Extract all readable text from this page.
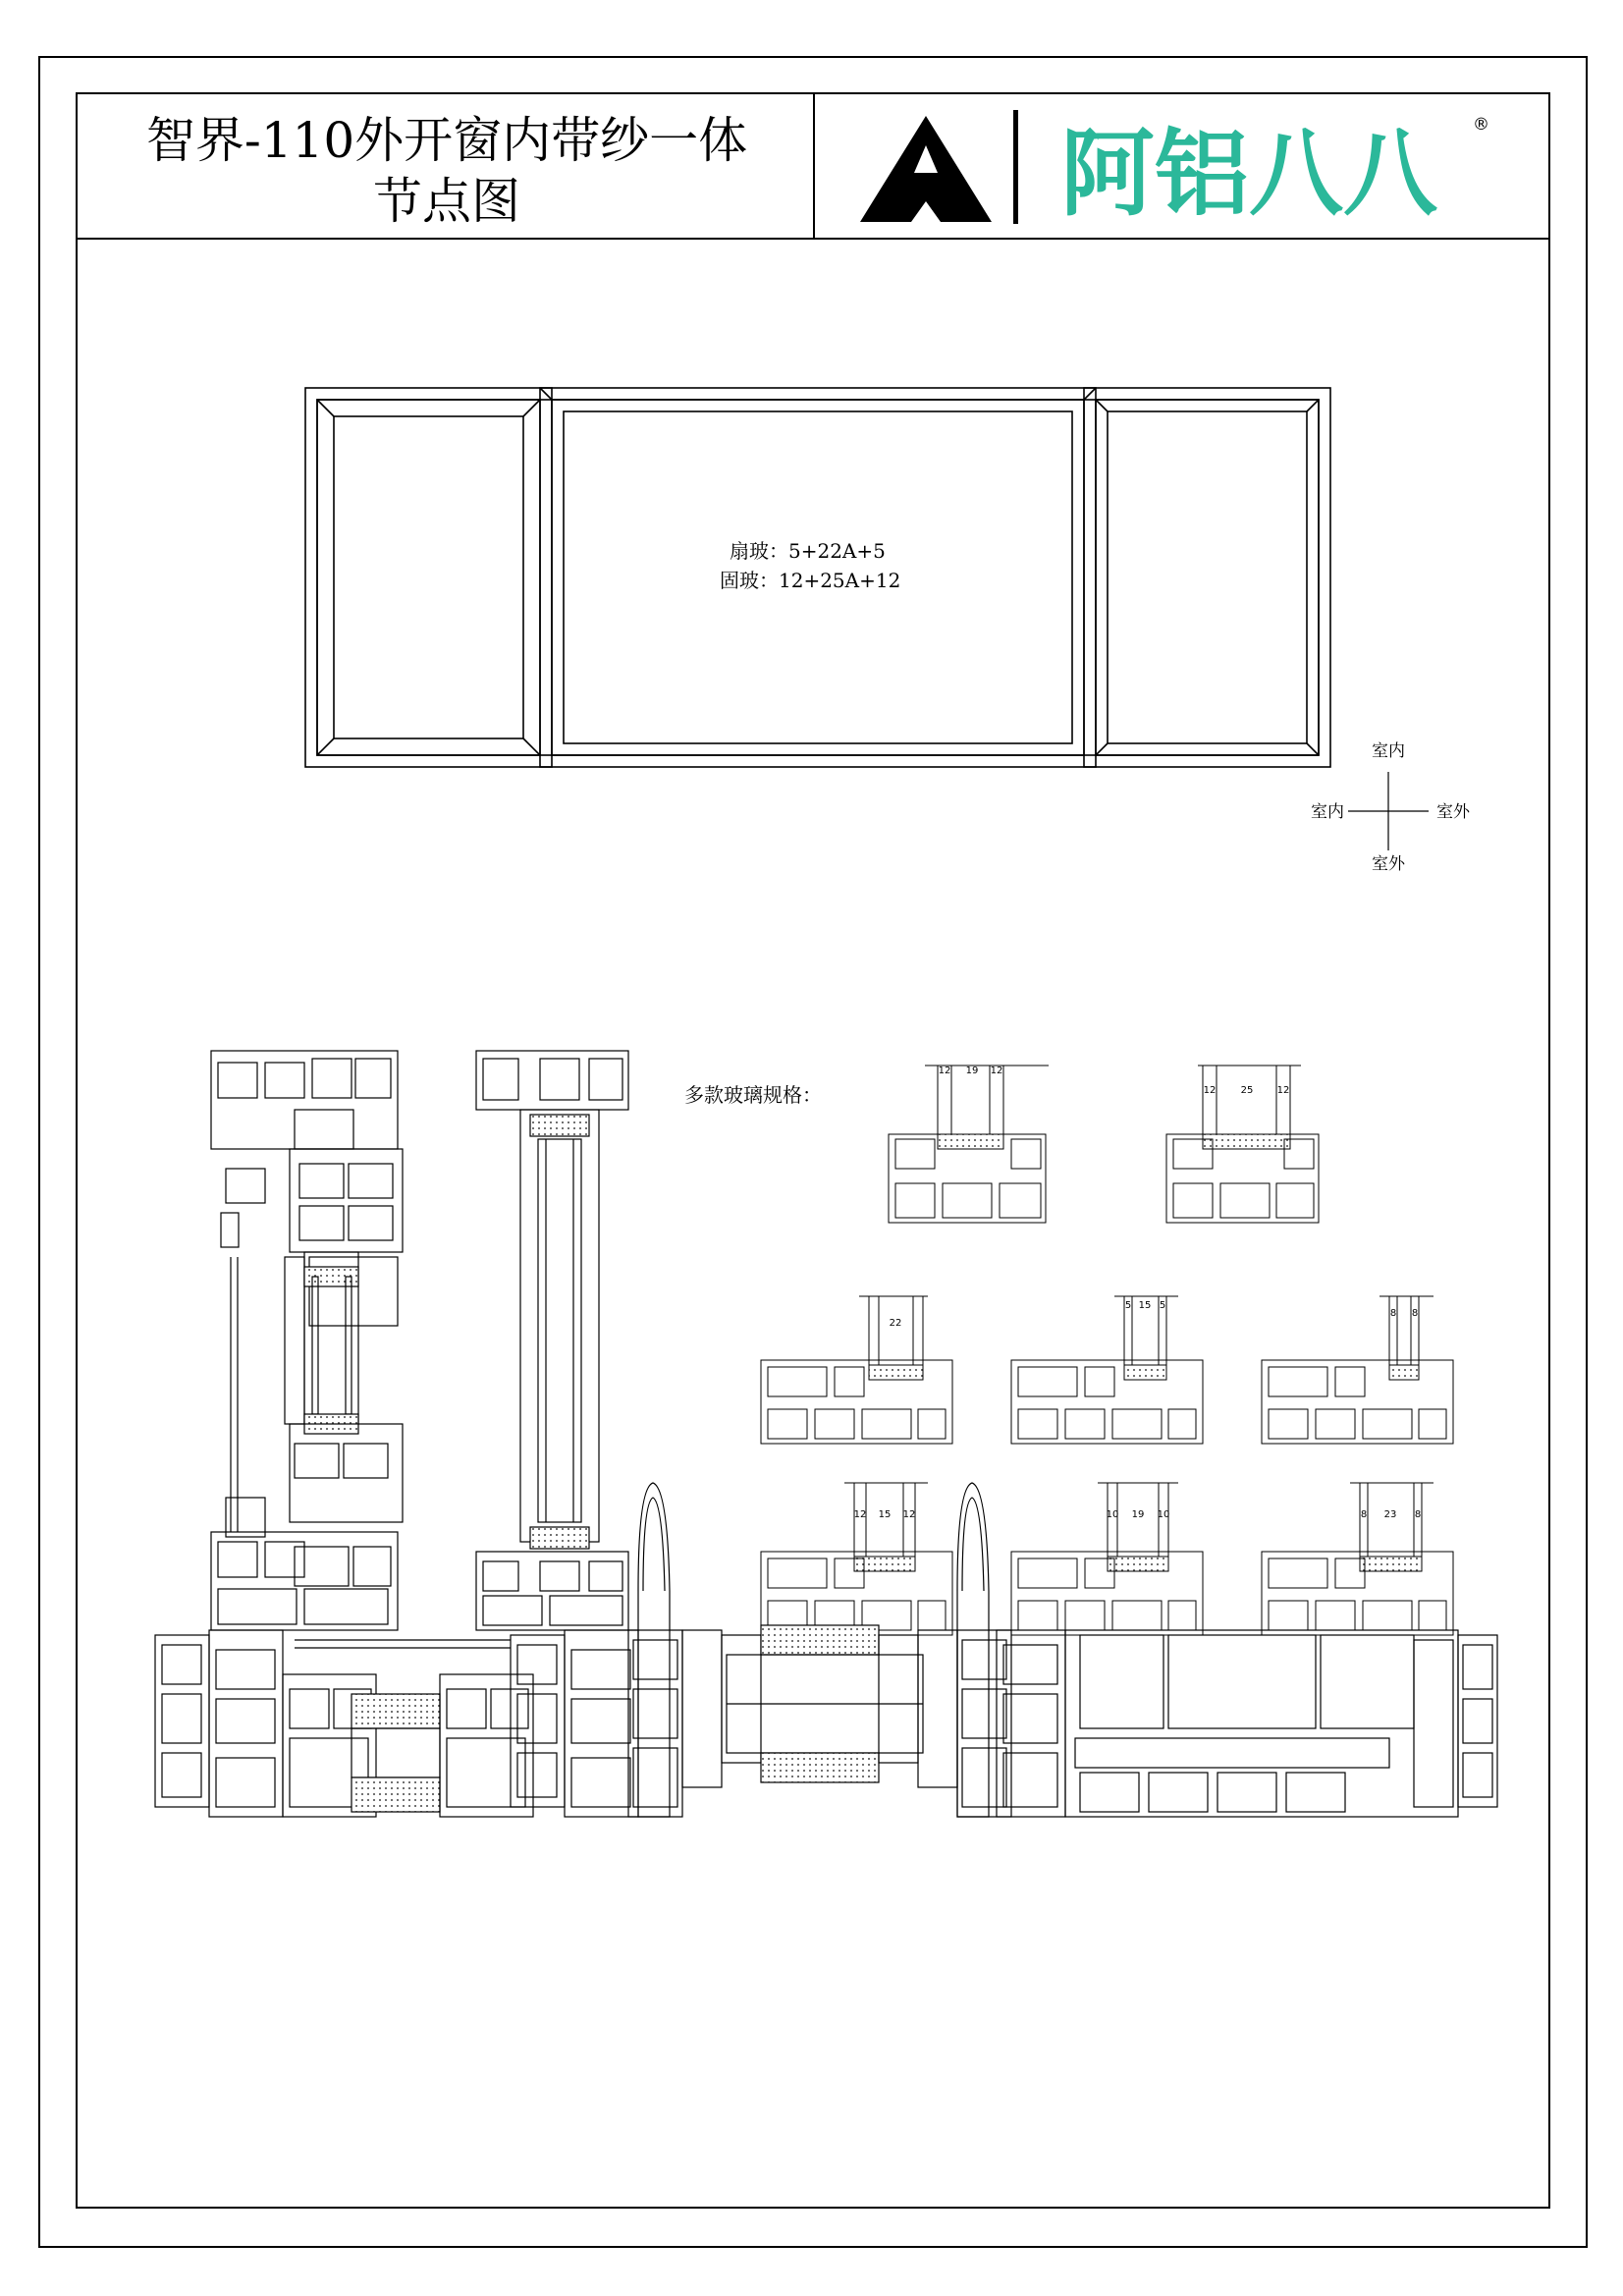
智界-110外开窗内带纱一体
节点图	阿铝八八 ®
扇玻：5+22A+5
固玻：12+25A+12
室内
室内	室外
室外
多款玻璃规格：
12 19 12
12	25 12
22
5 15 5
8 8
12 15 12	10 19 10	8 23 8
